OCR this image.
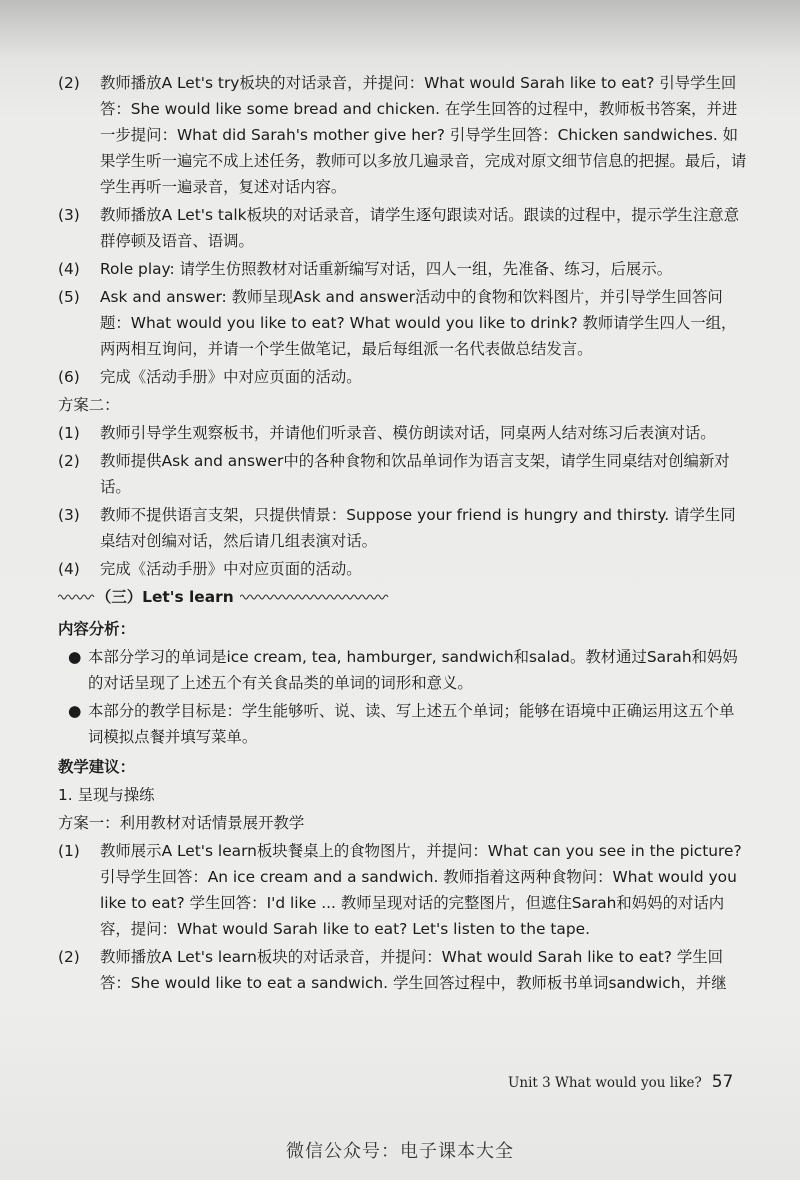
(2) 教师播放A Let's try板块的对话录音，并提问：What would Sarah like to eat? 引导学生回答：She would like some bread and chicken. 在学生回答的过程中，教师板书答案，并进一步提问：What did Sarah's mother give her? 引导学生回答：Chicken sandwiches. 如果学生听一遍完不成上述任务，教师可以多放几遍录音，完成对原文细节信息的把握。最后，请学生再听一遍录音，复述对话内容。

(3) 教师播放A Let's talk板块的对话录音，请学生逐句跟读对话。跟读的过程中，提示学生注意意群停顿及语音、语调。

(4) Role play: 请学生仿照教材对话重新编写对话，四人一组，先准备、练习，后展示。

(5) Ask and answer: 教师呈现Ask and answer活动中的食物和饮料图片，并引导学生回答问题：What would you like to eat? What would you like to drink? 教师请学生四人一组，两两相互询问，并请一个学生做笔记，最后每组派一名代表做总结发言。

(6) 完成《活动手册》中对应页面的活动。

方案二：

(1) 教师引导学生观察板书，并请他们听录音、模仿朗读对话，同桌两人结对练习后表演对话。

(2) 教师提供Ask and answer中的各种食物和饮品单词作为语言支架，请学生同桌结对创编新对话。

(3) 教师不提供语言支架，只提供情景：Suppose your friend is hungry and thirsty. 请学生同桌结对创编对话，然后请几组表演对话。

(4) 完成《活动手册》中对应页面的活动。

（三）Let's learn

内容分析：

● 本部分学习的单词是ice cream, tea, hamburger, sandwich和salad。教材通过Sarah和妈妈的对话呈现了上述五个有关食品类的单词的词形和意义。

● 本部分的教学目标是：学生能够听、说、读、写上述五个单词；能够在语境中正确运用这五个单词模拟点餐并填写菜单。

教学建议：

1. 呈现与操练

方案一：利用教材对话情景展开教学

(1) 教师展示A Let's learn板块餐桌上的食物图片，并提问：What can you see in the picture? 引导学生回答：An ice cream and a sandwich. 教师指着这两种食物问：What would you like to eat? 学生回答：I'd like ... 教师呈现对话的完整图片，但遮住Sarah和妈妈的对话内容，提问：What would Sarah like to eat? Let's listen to the tape.

(2) 教师播放A Let's learn板块的对话录音，并提问：What would Sarah like to eat? 学生回答：She would like to eat a sandwich. 学生回答过程中，教师板书单词sandwich，并继

Unit 3 What would you like? 57
微信公众号：电子课本大全
